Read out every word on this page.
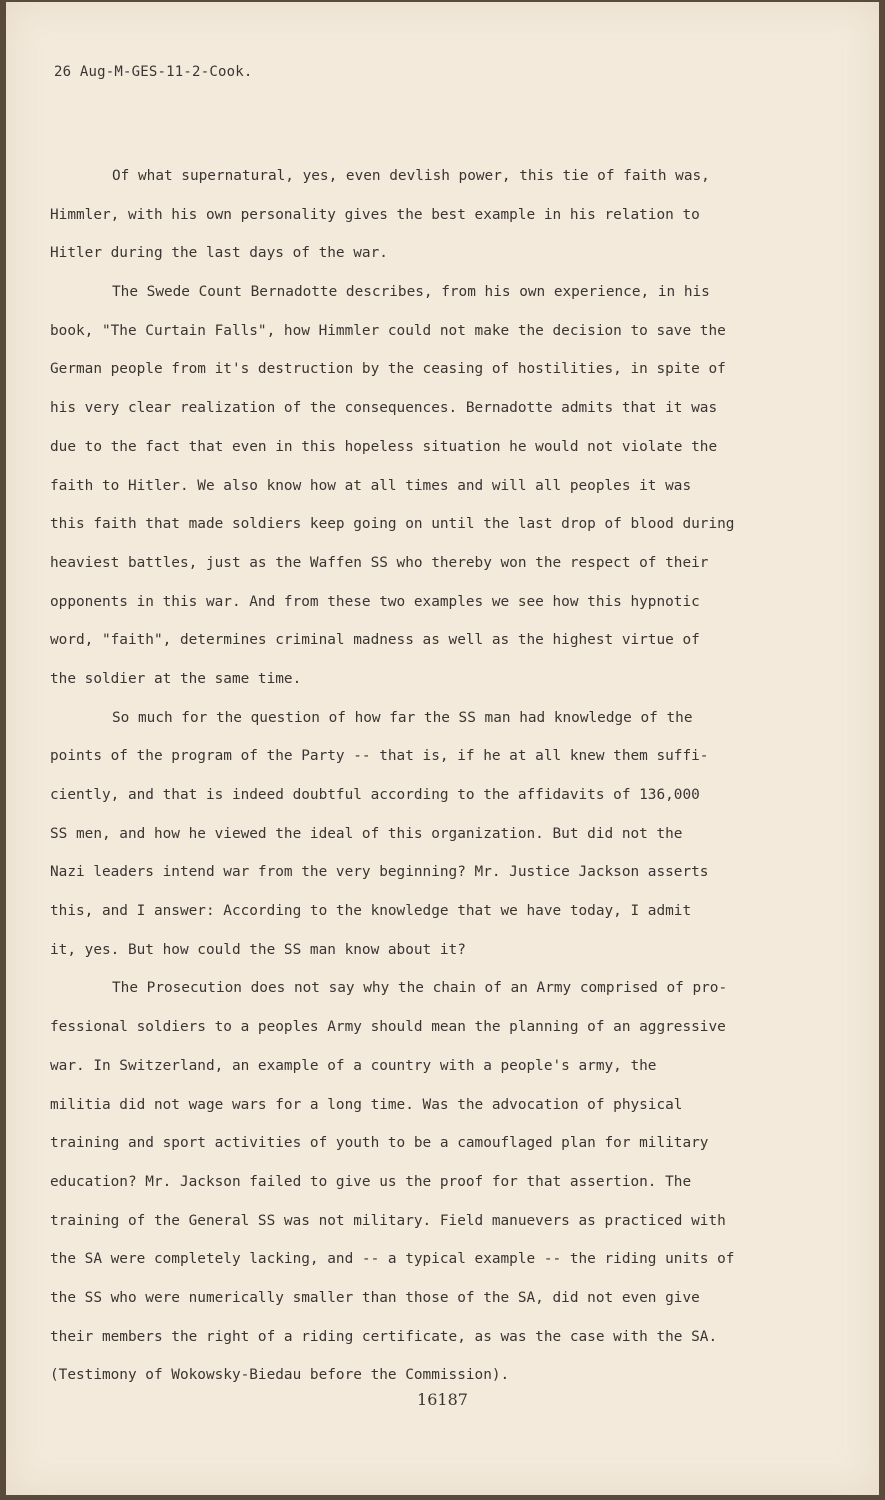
26 Aug-M-GES-11-2-Cook.
Of what supernatural, yes, even devlish power, this tie of faith was,
Himmler, with his own personality gives the best example in his relation to
Hitler during the last days of the war.
The Swede Count Bernadotte describes, from his own experience, in his
book, "The Curtain Falls", how Himmler could not make the decision to save the
German people from it's destruction by the ceasing of hostilities, in spite of
his very clear realization of the consequences. Bernadotte admits that it was
due to the fact that even in this hopeless situation he would not violate the
faith to Hitler. We also know how at all times and will all peoples it was
this faith that made soldiers keep going on until the last drop of blood during
heaviest battles, just as the Waffen SS who thereby won the respect of their
opponents in this war. And from these two examples we see how this hypnotic
word, "faith", determines criminal madness as well as the highest virtue of
the soldier at the same time.
So much for the question of how far the SS man had knowledge of the
points of the program of the Party -- that is, if he at all knew them suffi-
ciently, and that is indeed doubtful according to the affidavits of 136,000
SS men, and how he viewed the ideal of this organization. But did not the
Nazi leaders intend war from the very beginning? Mr. Justice Jackson asserts
this, and I answer: According to the knowledge that we have today, I admit
it, yes. But how could the SS man know about it?
The Prosecution does not say why the chain of an Army comprised of pro-
fessional soldiers to a peoples Army should mean the planning of an aggressive
war. In Switzerland, an example of a country with a people's army, the
militia did not wage wars for a long time. Was the advocation of physical
training and sport activities of youth to be a camouflaged plan for military
education? Mr. Jackson failed to give us the proof for that assertion. The
training of the General SS was not military. Field manuevers as practiced with
the SA were completely lacking, and -- a typical example -- the riding units of
the SS who were numerically smaller than those of the SA, did not even give
their members the right of a riding certificate, as was the case with the SA.
(Testimony of Wokowsky-Biedau before the Commission).
16187
